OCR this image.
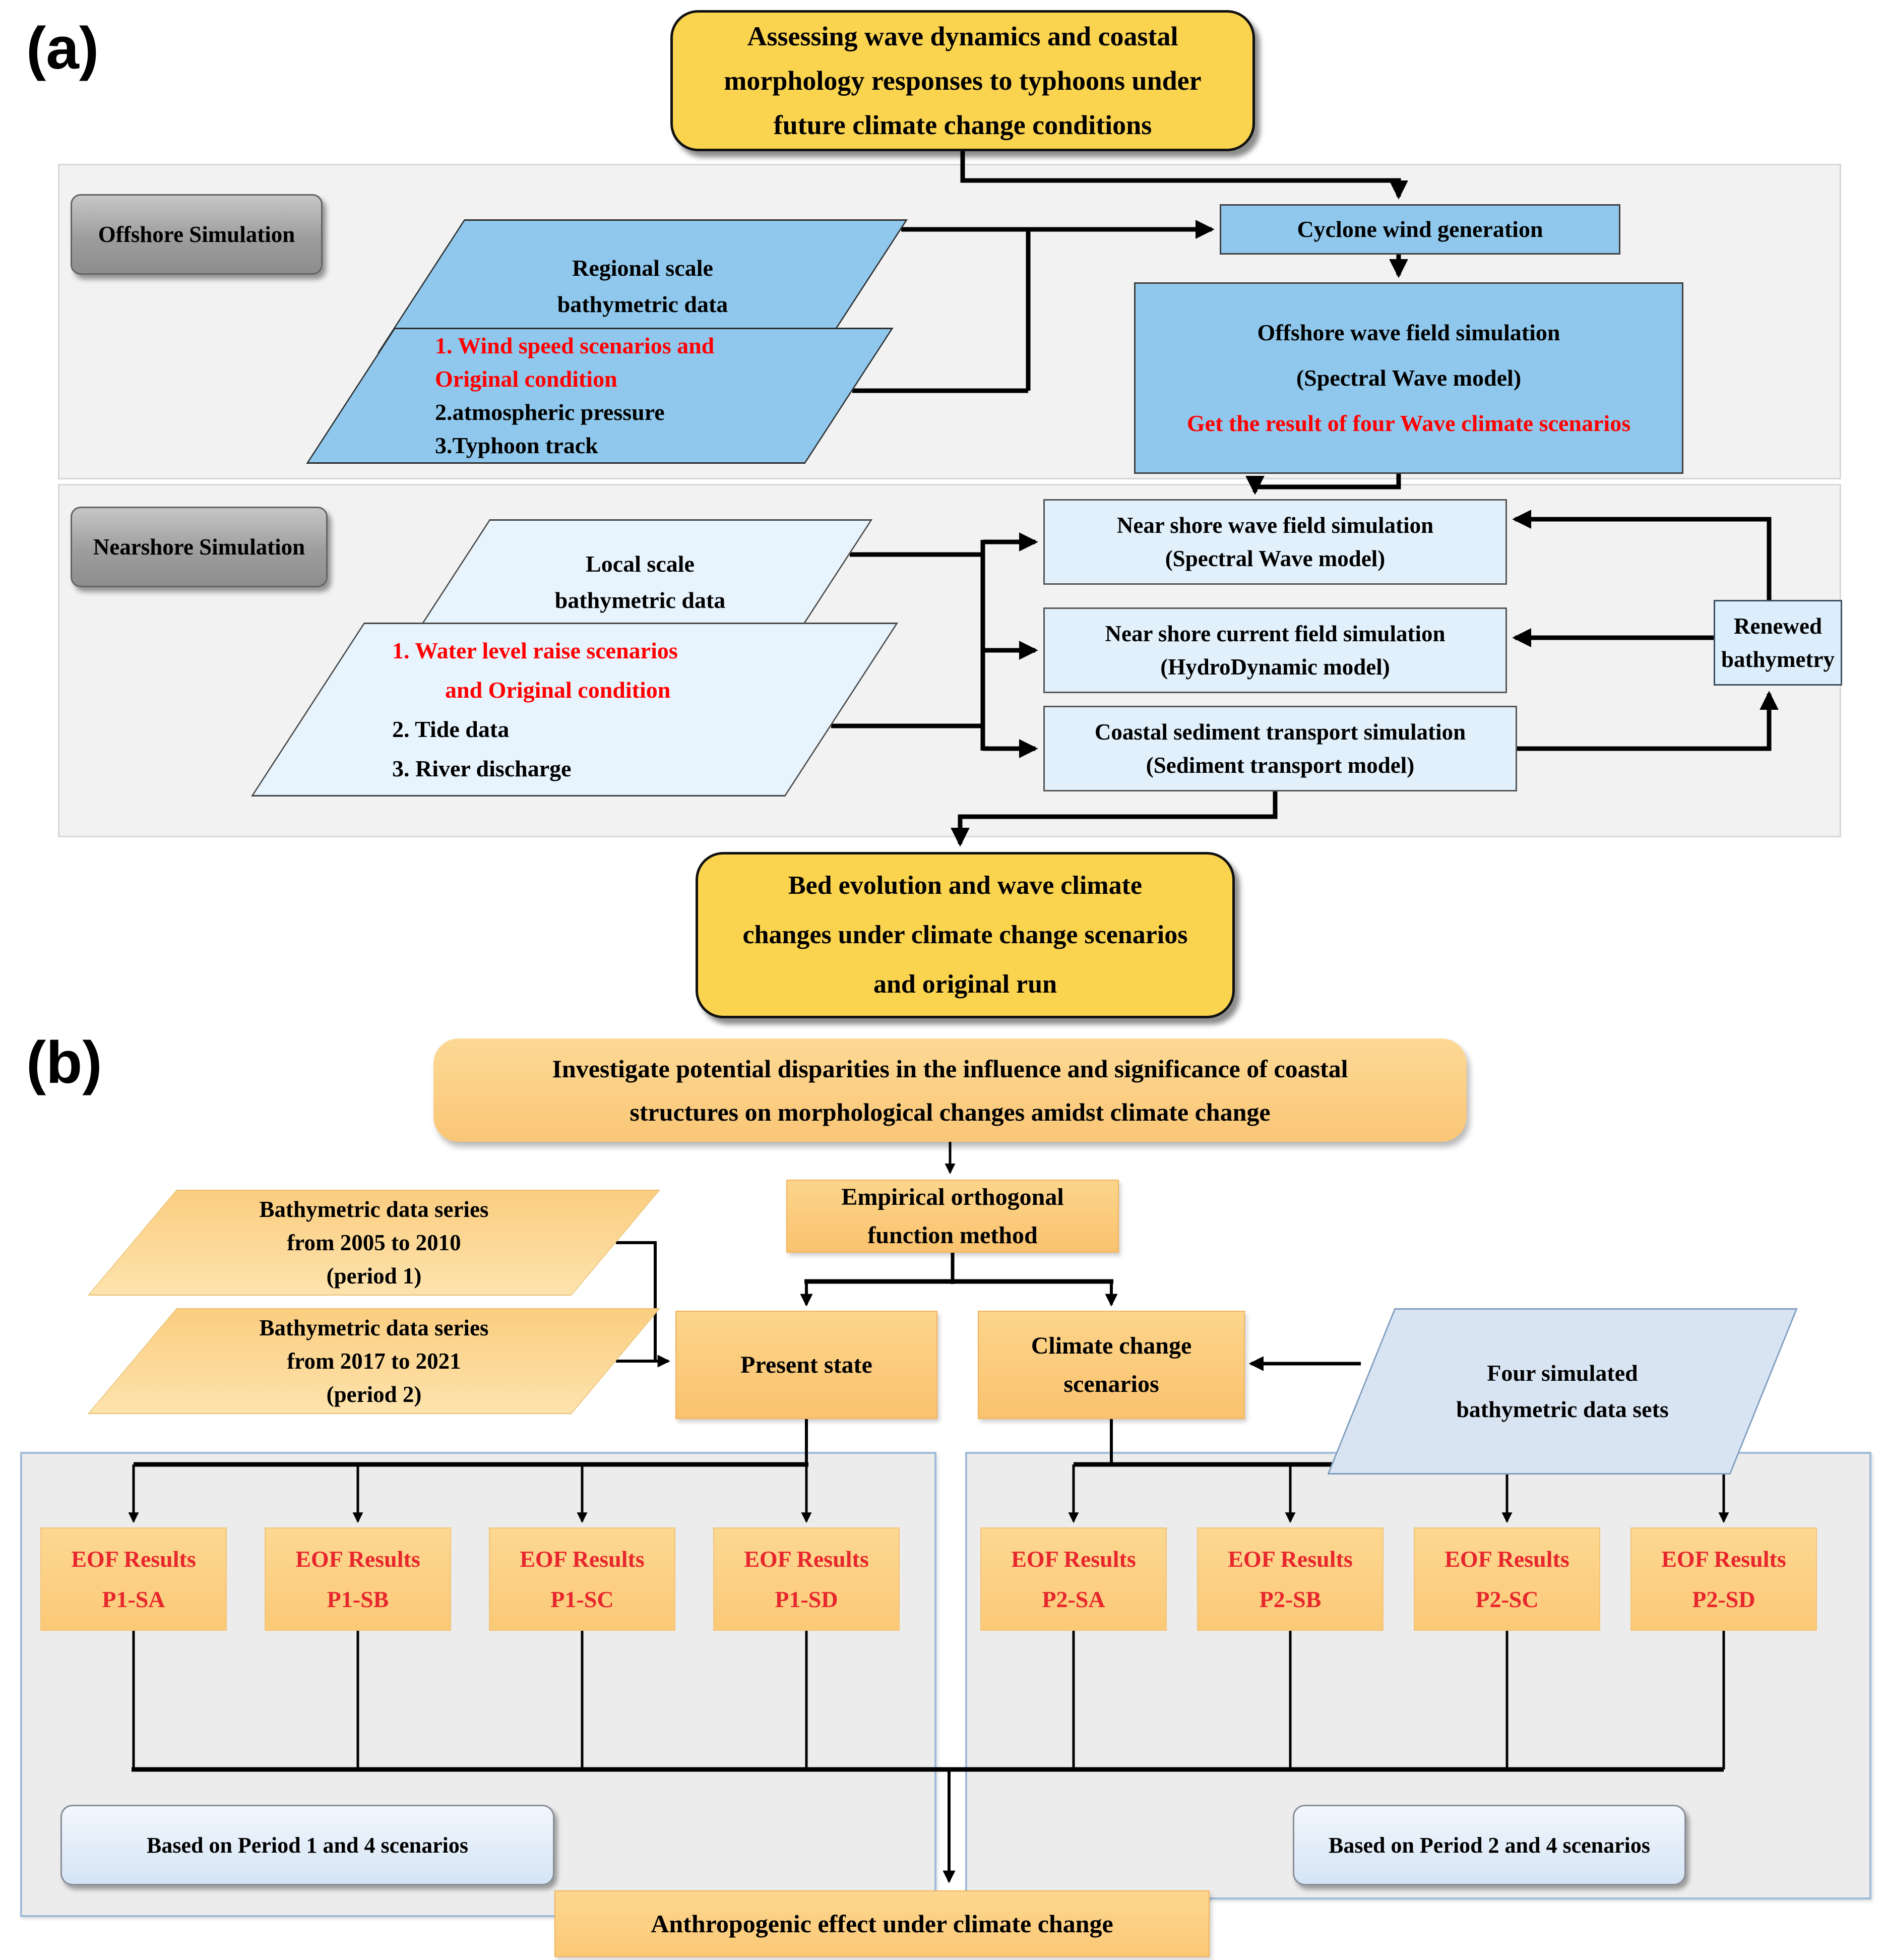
(a)	Assessing wave dynamics and coastal
morphology responses to typhoons under
future climate change conditions
Offshore Simulation
Regional scale
bathymetric data
1. Wind speed scenarios and
Original condition
2.atmospheric pressure
3.Typhoon track
Cyclone wind generation
Offshore wave field simulation
(Spectral Wave model)
Get the result of four Wave climate scenarios
Nearshore Simulation
Local scale
bathymetric data
1. Water level raise scenarios
and Original condition
2. Tide data
3. River discharge
Near shore wave field simulation
(Spectral Wave model)
Near shore current field simulation
(HydroDynamic model)
Coastal sediment transport simulation
(Sediment transport model)
Renewed
bathymetry
Bed evolution and wave climate
changes under climate change scenarios
and original run
(b)	Investigate potential disparities in the influence and significance of coastal
structures on morphological changes amidst climate change
Empirical orthogonal
function method
Bathymetric data series
from 2005 to 2010
(period 1)
Bathymetric data series
from 2017 to 2021
(period 2)
Present state
Climate change
scenarios	Four simulated
bathymetric data sets
EOF Results
P1-SA
EOF Results
P1-SB
EOF Results
P1-SC
EOF Results
P1-SD
EOF Results
P2-SA
EOF Results
P2-SB
EOF Results
P2-SC
EOF Results
P2-SD
Based on Period 1 and 4 scenarios	Based on Period 2 and 4 scenarios
Anthropogenic effect under climate change
